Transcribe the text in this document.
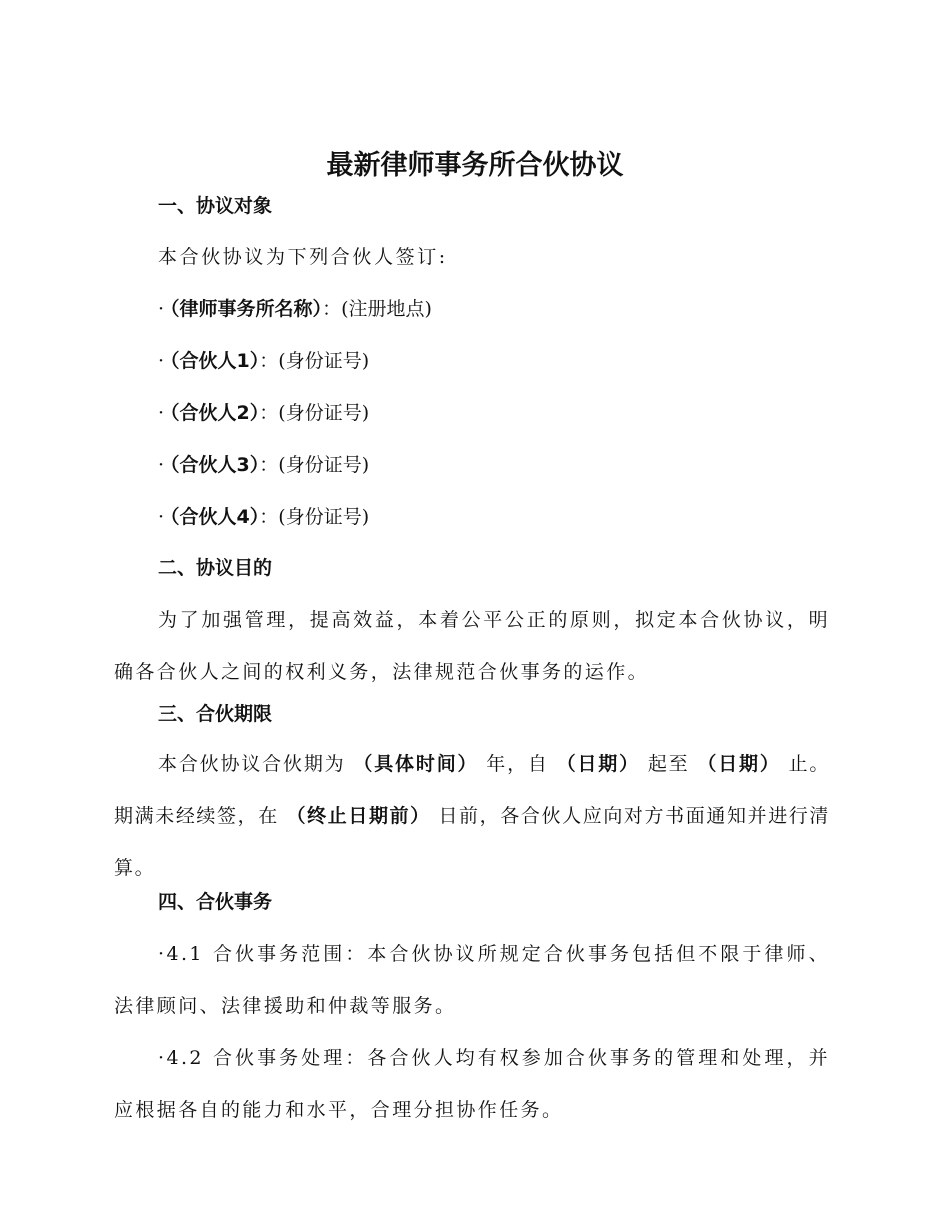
最新律师事务所合伙协议
一、协议对象
本合伙协议为下列合伙人签订:
· （律师事务所名称）：(注册地点)
· （合伙人1）：(身份证号)
· （合伙人2）：(身份证号)
· （合伙人3）：(身份证号)
· （合伙人4）：(身份证号)
二、协议目的
为了加强管理，提高效益，本着公平公正的原则，拟定本合伙协议，明确各合伙人之间的权利义务，法律规范合伙事务的运作。
三、合伙期限
本合伙协议合伙期为 （具体时间） 年，自 （日期） 起至 （日期） 止。期满未经续签，在 （终止日期前） 日前，各合伙人应向对方书面通知并进行清算。
四、合伙事务
·4.1 合伙事务范围：本合伙协议所规定合伙事务包括但不限于律师、法律顾问、法律援助和仲裁等服务。
·4.2 合伙事务处理：各合伙人均有权参加合伙事务的管理和处理，并应根据各自的能力和水平，合理分担协作任务。
